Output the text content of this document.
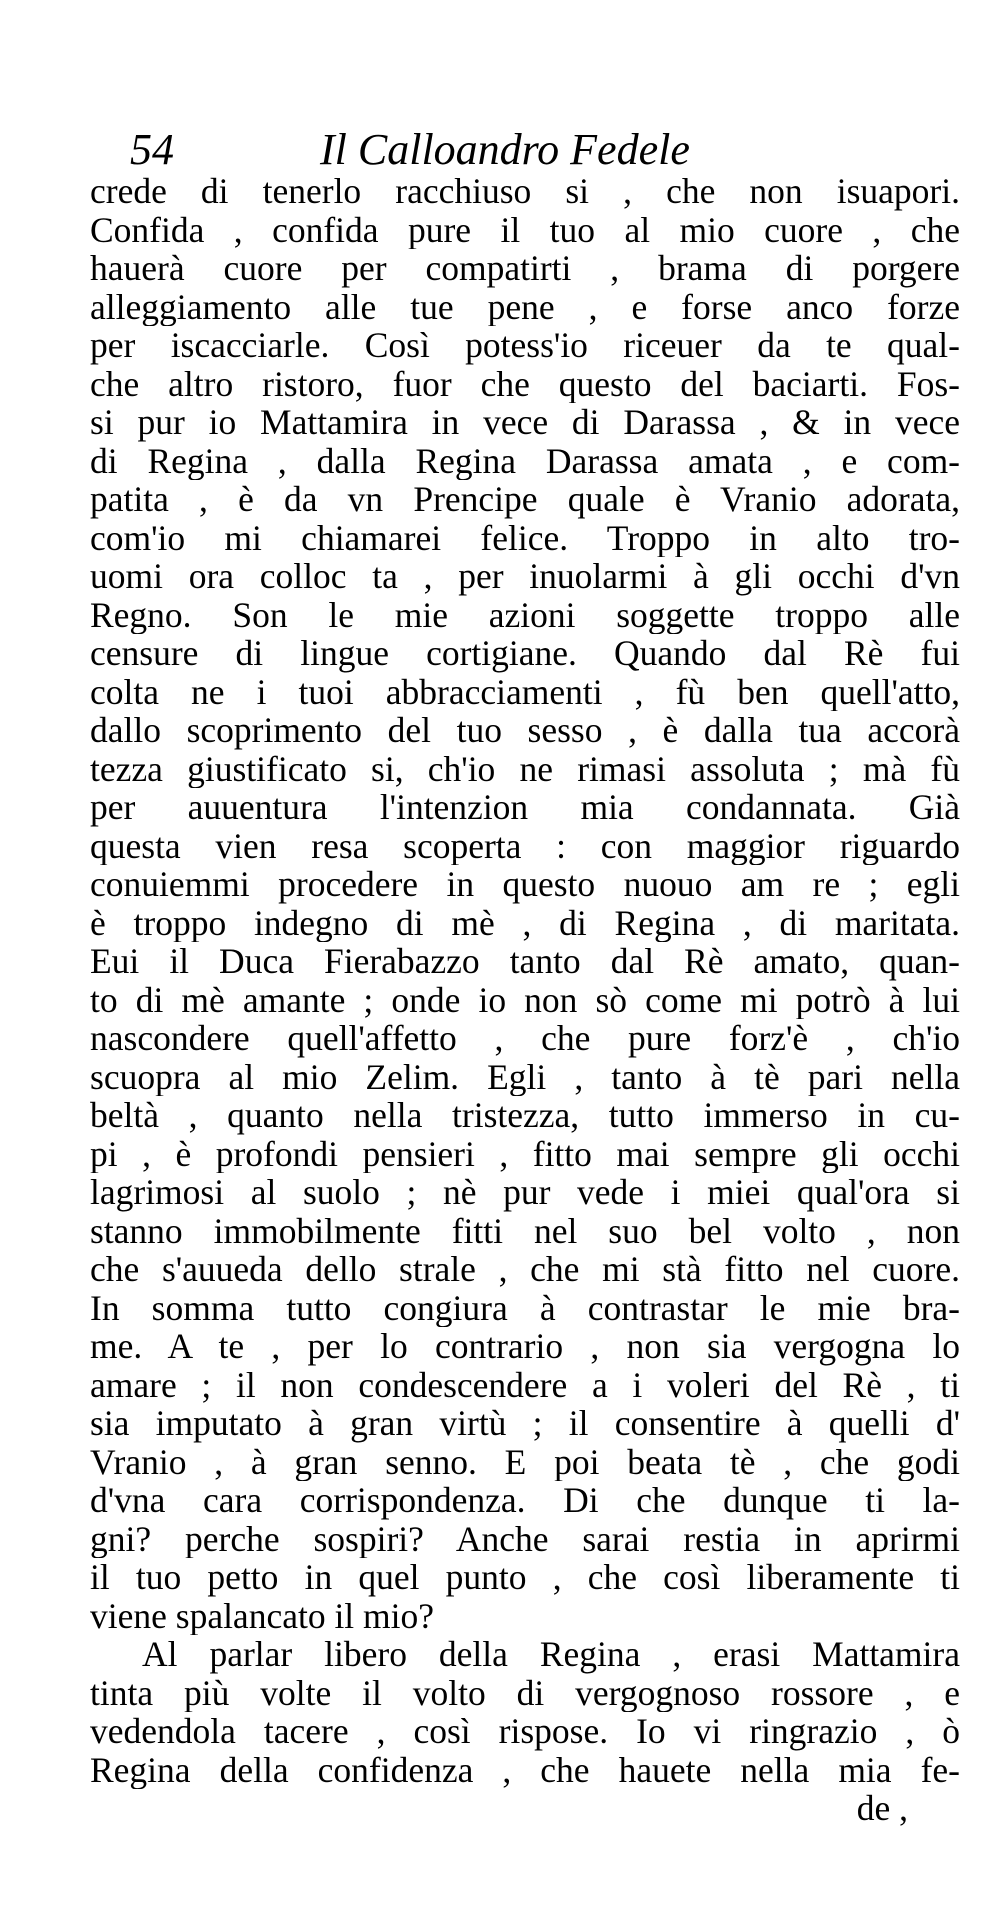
54	Il Calloandro Fedele
crede di tenerlo racchiuso si , che non isuapori.
Confida , confida pure il tuo al mio cuore , che
hauerà cuore per compatirti , brama di porgere
alleggiamento alle tue pene , e forse anco forze
per iscacciarle. Così potess'io riceuer da te qual-
che altro ristoro, fuor che questo del baciarti. Fos-
si pur io Mattamira in vece di Darassa , & in vece
di Regina , dalla Regina Darassa amata , e com-
patita , è da vn Prencipe quale è Vranio adorata,
com'io mi chiamarei felice. Troppo in alto tro-
uomi ora colloc ta , per inuolarmi à gli occhi d'vn
Regno. Son le mie azioni soggette troppo alle
censure di lingue cortigiane. Quando dal Rè fui
colta ne i tuoi abbracciamenti , fù ben quell'atto,
dallo scoprimento del tuo sesso , è dalla tua accorà
tezza giustificato si, ch'io ne rimasi assoluta ; mà fù
per auuentura l'intenzion mia condannata. Già
questa vien resa scoperta : con maggior riguardo
conuiemmi procedere in questo nuouo am re ; egli
è troppo indegno di mè , di Regina , di maritata.
Eui il Duca Fierabazzo tanto dal Rè amato, quan-
to di mè amante ; onde io non sò come mi potrò à lui
nascondere quell'affetto , che pure forz'è , ch'io
scuopra al mio Zelim. Egli , tanto à tè pari nella
beltà , quanto nella tristezza, tutto immerso in cu-
pi , è profondi pensieri , fitto mai sempre gli occhi
lagrimosi al suolo ; nè pur vede i miei qual'ora si
stanno immobilmente fitti nel suo bel volto , non
che s'auueda dello strale , che mi stà fitto nel cuore.
In somma tutto congiura à contrastar le mie bra-
me. A te , per lo contrario , non sia vergogna lo
amare ; il non condescendere a i voleri del Rè , ti
sia imputato à gran virtù ; il consentire à quelli d'
Vranio , à gran senno. E poi beata tè , che godi
d'vna cara corrispondenza. Di che dunque ti la-
gni? perche sospiri? Anche sarai restia in aprirmi
il tuo petto in quel punto , che così liberamente ti
viene spalancato il mio?
Al parlar libero della Regina , erasi Mattamira
tinta più volte il volto di vergognoso rossore , e
vedendola tacere , così rispose. Io vi ringrazio , ò
Regina della confidenza , che hauete nella mia fe-
de ,
